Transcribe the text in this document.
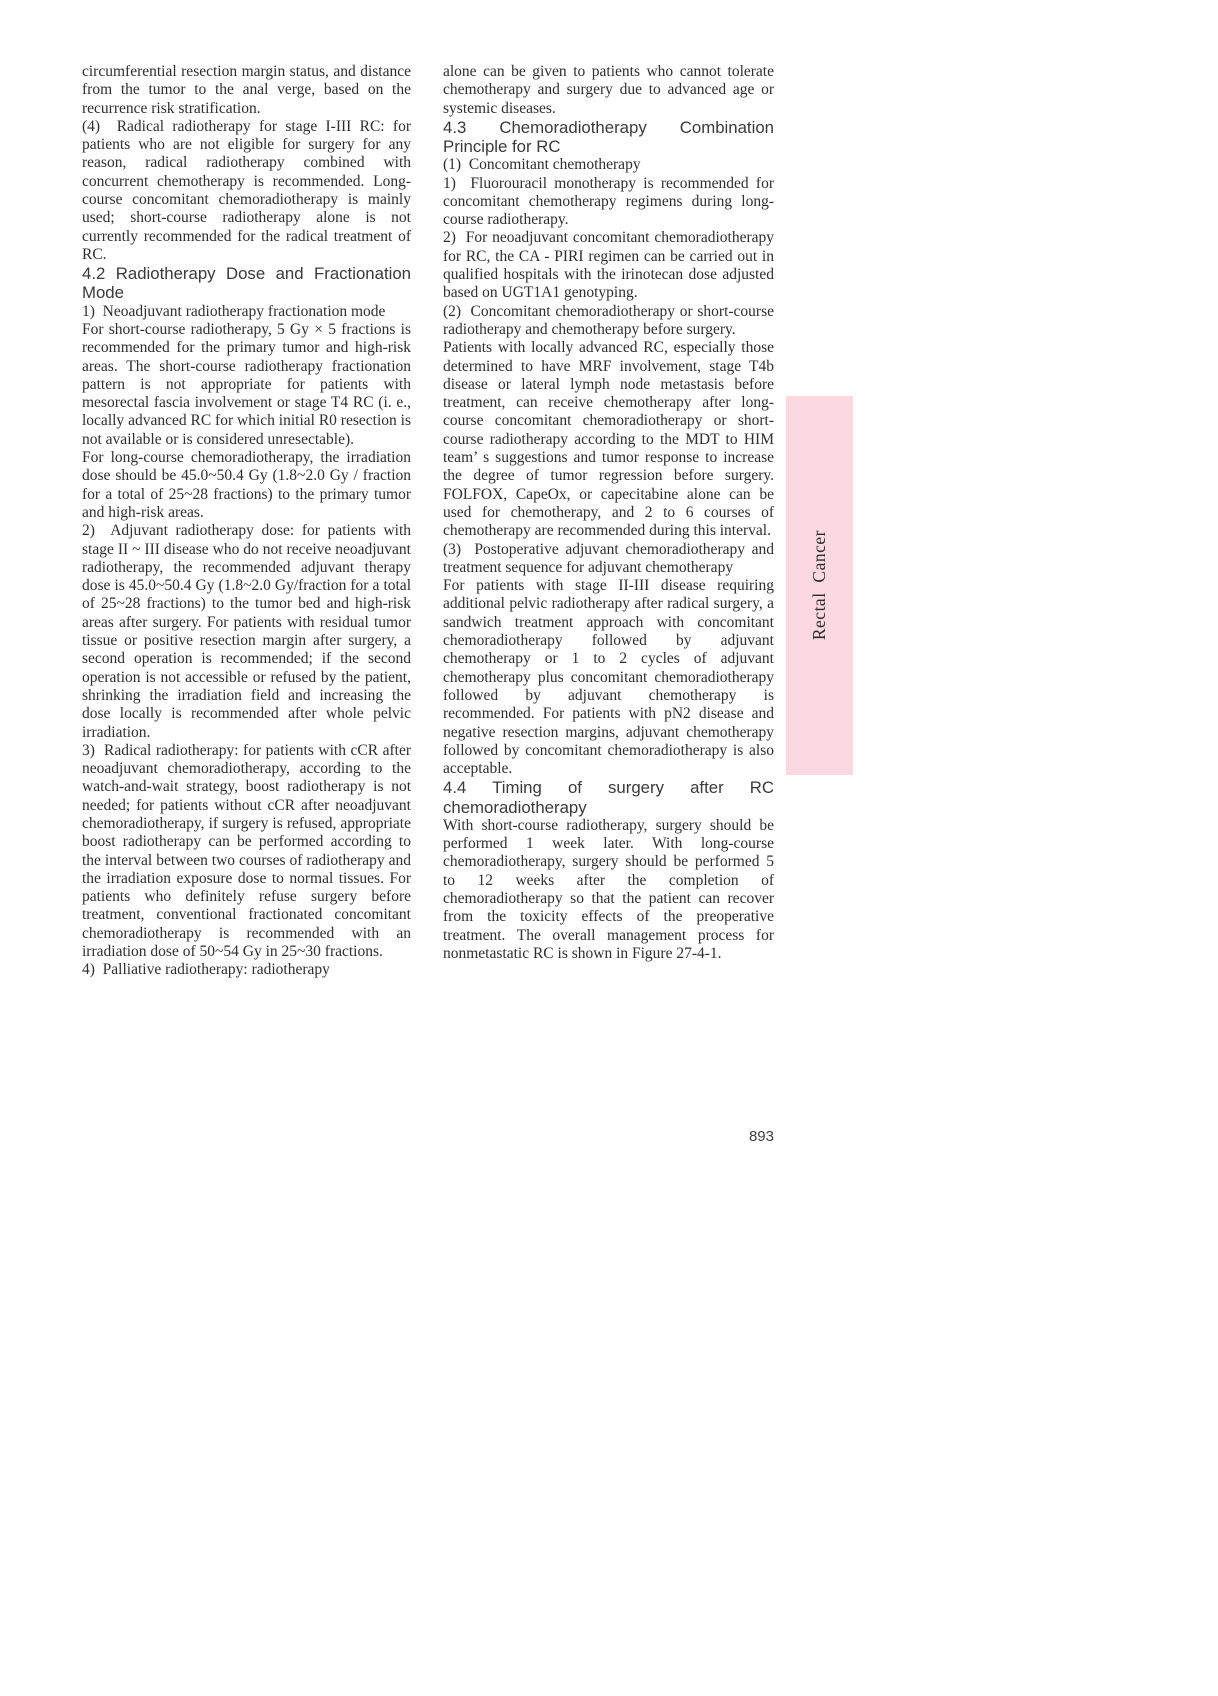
circumferential resection margin status, and distance from the tumor to the anal verge, based on the recurrence risk stratification.

(4)  Radical radiotherapy for stage I-III RC: for patients who are not eligible for surgery for any reason, radical radiotherapy combined with concurrent chemotherapy is recommended. Long-course concomitant chemoradiotherapy is mainly used; short-course radiotherapy alone is not currently recommended for the radical treatment of RC.

4.2 Radiotherapy Dose and Fractionation Mode

1)  Neoadjuvant radiotherapy fractionation mode

For short-course radiotherapy, 5 Gy × 5 fractions is recommended for the primary tumor and high-risk areas. The short-course radiotherapy fractionation pattern is not appropriate for patients with mesorectal fascia involvement or stage T4 RC (i. e., locally advanced RC for which initial R0 resection is not available or is considered unresectable).

For long-course chemoradiotherapy, the irradiation dose should be 45.0~50.4 Gy (1.8~2.0 Gy / fraction for a total of 25~28 fractions) to the primary tumor and high-risk areas.

2)  Adjuvant radiotherapy dose: for patients with stage II ~ III disease who do not receive neoadjuvant radiotherapy, the recommended adjuvant therapy dose is 45.0~50.4 Gy (1.8~2.0 Gy/fraction for a total of 25~28 fractions) to the tumor bed and high-risk areas after surgery. For patients with residual tumor tissue or positive resection margin after surgery, a second operation is recommended; if the second operation is not accessible or refused by the patient, shrinking the irradiation field and increasing the dose locally is recommended after whole pelvic irradiation.

3)  Radical radiotherapy: for patients with cCR after neoadjuvant chemoradiotherapy, according to the watch-and-wait strategy, boost radiotherapy is not needed; for patients without cCR after neoadjuvant chemoradiotherapy, if surgery is refused, appropriate boost radiotherapy can be performed according to the interval between two courses of radiotherapy and the irradiation exposure dose to normal tissues. For patients who definitely refuse surgery before treatment, conventional fractionated concomitant chemoradiotherapy is recommended with an irradiation dose of 50~54 Gy in 25~30 fractions.

4)  Palliative radiotherapy: radiotherapy

alone can be given to patients who cannot tolerate chemotherapy and surgery due to advanced age or systemic diseases.

4.3 Chemoradiotherapy Combination Principle for RC

(1)  Concomitant chemotherapy

1)  Fluorouracil monotherapy is recommended for concomitant chemotherapy regimens during long-course radiotherapy.

2)  For neoadjuvant concomitant chemoradiotherapy for RC, the CA - PIRI regimen can be carried out in qualified hospitals with the irinotecan dose adjusted based on UGT1A1 genotyping.

(2)  Concomitant chemoradiotherapy or short-course radiotherapy and chemotherapy before surgery.

Patients with locally advanced RC, especially those determined to have MRF involvement, stage T4b disease or lateral lymph node metastasis before treatment, can receive chemotherapy after long-course concomitant chemoradiotherapy or short-course radiotherapy according to the MDT to HIM team’ s suggestions and tumor response to increase the degree of tumor regression before surgery. FOLFOX, CapeOx, or capecitabine alone can be used for chemotherapy, and 2 to 6 courses of chemotherapy are recommended during this interval.

(3)  Postoperative adjuvant chemoradiotherapy and treatment sequence for adjuvant chemotherapy

For patients with stage II-III disease requiring additional pelvic radiotherapy after radical surgery, a sandwich treatment approach with concomitant chemoradiotherapy followed by adjuvant chemotherapy or 1 to 2 cycles of adjuvant chemotherapy plus concomitant chemoradiotherapy followed by adjuvant chemotherapy is recommended. For patients with pN2 disease and negative resection margins, adjuvant chemotherapy followed by concomitant chemoradiotherapy is also acceptable.

4.4 Timing of surgery after RC chemoradiotherapy

With short-course radiotherapy, surgery should be performed 1 week later. With long-course chemoradiotherapy, surgery should be performed 5 to 12 weeks after the completion of chemoradiotherapy so that the patient can recover from the toxicity effects of the preoperative treatment. The overall management process for nonmetastatic RC is shown in Figure 27-4-1.

Rectal Cancer
893
